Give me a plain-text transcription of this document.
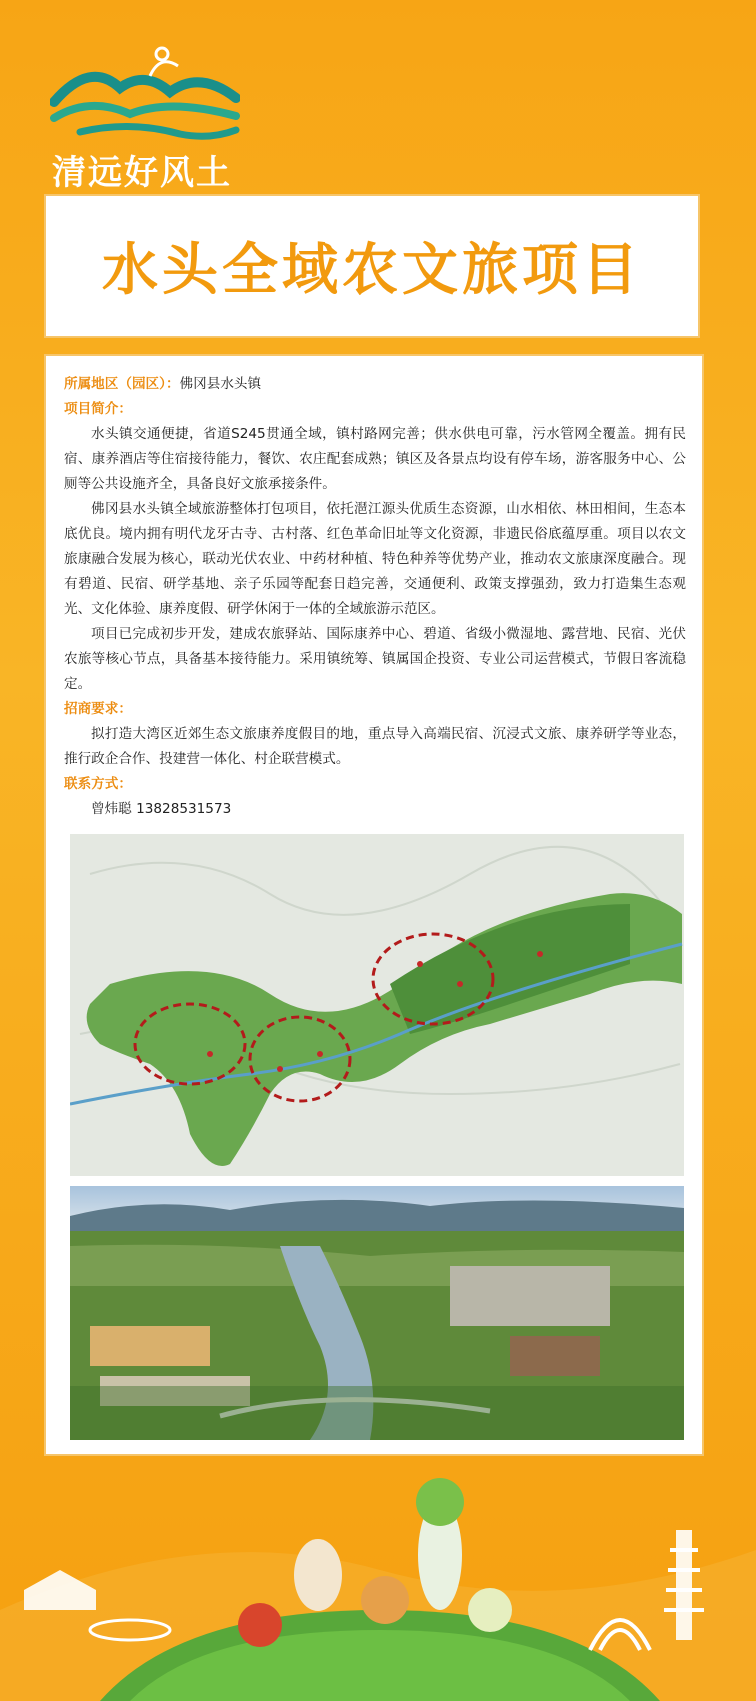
清远好风土
水头全域农文旅项目

所属地区（园区）：佛冈县水头镇

项目简介：

水头镇交通便捷，省道S245贯通全域，镇村路网完善；供水供电可靠，污水管网全覆盖。拥有民宿、康养酒店等住宿接待能力，餐饮、农庄配套成熟；镇区及各景点均设有停车场，游客服务中心、公厕等公共设施齐全，具备良好文旅承接条件。

佛冈县水头镇全域旅游整体打包项目，依托潖江源头优质生态资源，山水相依、林田相间，生态本底优良。境内拥有明代龙牙古寺、古村落、红色革命旧址等文化资源，非遗民俗底蕴厚重。项目以农文旅康融合发展为核心，联动光伏农业、中药材种植、特色种养等优势产业，推动农文旅康深度融合。现有碧道、民宿、研学基地、亲子乐园等配套日趋完善，交通便利、政策支撑强劲，致力打造集生态观光、文化体验、康养度假、研学休闲于一体的全域旅游示范区。

项目已完成初步开发，建成农旅驿站、国际康养中心、碧道、省级小微湿地、露营地、民宿、光伏农旅等核心节点，具备基本接待能力。采用镇统筹、镇属国企投资、专业公司运营模式，节假日客流稳定。

招商要求：

拟打造大湾区近郊生态文旅康养度假目的地，重点导入高端民宿、沉浸式文旅、康养研学等业态，推行政企合作、投建营一体化、村企联营模式。

联系方式：

曾炜聪 13828531573
